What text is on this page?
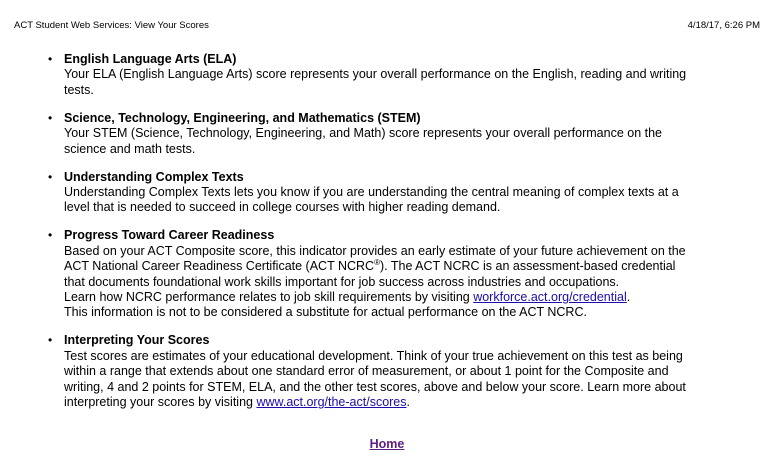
ACT Student Web Services: View Your Scores	4/18/17, 6:26 PM
• English Language Arts (ELA)
Your ELA (English Language Arts) score represents your overall performance on the English, reading and writing
tests.
• Science, Technology, Engineering, and Mathematics (STEM)
Your STEM (Science, Technology, Engineering, and Math) score represents your overall performance on the
science and math tests.
• Understanding Complex Texts
Understanding Complex Texts lets you know if you are understanding the central meaning of complex texts at a
level that is needed to succeed in college courses with higher reading demand.
• Progress Toward Career Readiness
Based on your ACT Composite score, this indicator provides an early estimate of your future achievement on the
ACT National Career Readiness Certificate (ACT NCRC®). The ACT NCRC is an assessment-based credential
that documents foundational work skills important for job success across industries and occupations.
Learn how NCRC performance relates to job skill requirements by visiting workforce.act.org/credential.
This information is not to be considered a substitute for actual performance on the ACT NCRC.
• Interpreting Your Scores
Test scores are estimates of your educational development. Think of your true achievement on this test as being
within a range that extends about one standard error of measurement, or about 1 point for the Composite and
writing, 4 and 2 points for STEM, ELA, and the other test scores, above and below your score. Learn more about
interpreting your scores by visiting www.act.org/the-act/scores.
Home
